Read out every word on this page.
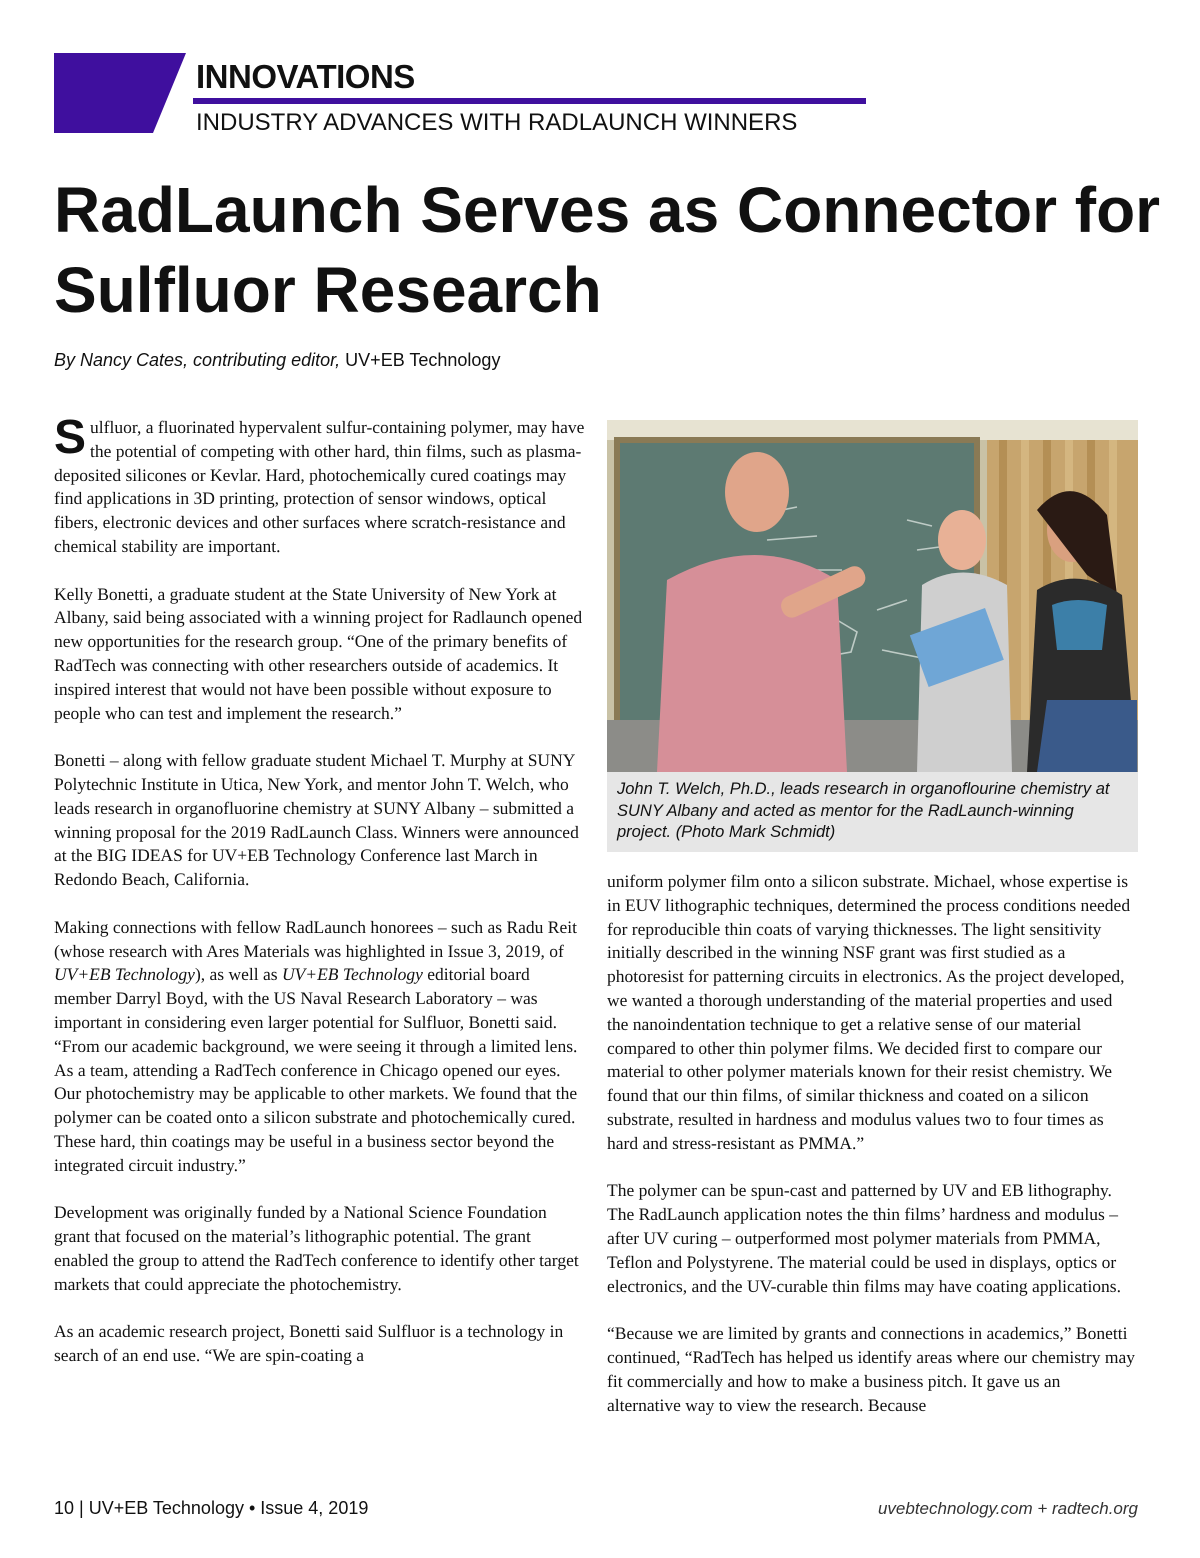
INNOVATIONS
INDUSTRY ADVANCES WITH RADLAUNCH WINNERS
RadLaunch Serves as Connector for Sulfluor Research
By Nancy Cates, contributing editor, UV+EB Technology

Sulfluor, a fluorinated hypervalent sulfur-containing polymer, may have the potential of competing with other hard, thin films, such as plasma-deposited silicones or Kevlar. Hard, photochemically cured coatings may find applications in 3D printing, protection of sensor windows, optical fibers, electronic devices and other surfaces where scratch-resistance and chemical stability are important.

Kelly Bonetti, a graduate student at the State University of New York at Albany, said being associated with a winning project for Radlaunch opened new opportunities for the research group. “One of the primary benefits of RadTech was connecting with other researchers outside of academics. It inspired interest that would not have been possible without exposure to people who can test and implement the research.”

Bonetti – along with fellow graduate student Michael T. Murphy at SUNY Polytechnic Institute in Utica, New York, and mentor John T. Welch, who leads research in organofluorine chemistry at SUNY Albany – submitted a winning proposal for the 2019 RadLaunch Class. Winners were announced at the BIG IDEAS for UV+EB Technology Conference last March in Redondo Beach, California.

Making connections with fellow RadLaunch honorees – such as Radu Reit (whose research with Ares Materials was highlighted in Issue 3, 2019, of UV+EB Technology), as well as UV+EB Technology editorial board member Darryl Boyd, with the US Naval Research Laboratory – was important in considering even larger potential for Sulfluor, Bonetti said. “From our academic background, we were seeing it through a limited lens. As a team, attending a RadTech conference in Chicago opened our eyes. Our photochemistry may be applicable to other markets. We found that the polymer can be coated onto a silicon substrate and photochemically cured. These hard, thin coatings may be useful in a business sector beyond the integrated circuit industry.”

Development was originally funded by a National Science Foundation grant that focused on the material’s lithographic potential. The grant enabled the group to attend the RadTech conference to identify other target markets that could appreciate the photochemistry.

As an academic research project, Bonetti said Sulfluor is a technology in search of an end use. “We are spin-coating a

John T. Welch, Ph.D., leads research in organoflourine chemistry at SUNY Albany and acted as mentor for the RadLaunch-winning project. (Photo Mark Schmidt)

uniform polymer film onto a silicon substrate. Michael, whose expertise is in EUV lithographic techniques, determined the process conditions needed for reproducible thin coats of varying thicknesses. The light sensitivity initially described in the winning NSF grant was first studied as a photoresist for patterning circuits in electronics. As the project developed, we wanted a thorough understanding of the material properties and used the nanoindentation technique to get a relative sense of our material compared to other thin polymer films. We decided first to compare our material to other polymer materials known for their resist chemistry. We found that our thin films, of similar thickness and coated on a silicon substrate, resulted in hardness and modulus values two to four times as hard and stress-resistant as PMMA.”

The polymer can be spun-cast and patterned by UV and EB lithography. The RadLaunch application notes the thin films’ hardness and modulus – after UV curing – outperformed most polymer materials from PMMA, Teflon and Polystyrene. The material could be used in displays, optics or electronics, and the UV-curable thin films may have coating applications.

“Because we are limited by grants and connections in academics,” Bonetti continued, “RadTech has helped us identify areas where our chemistry may fit commercially and how to make a business pitch. It gave us an alternative way to view the research. Because

10 | UV+EB Technology • Issue 4, 2019	uvebtechnology.com + radtech.org
